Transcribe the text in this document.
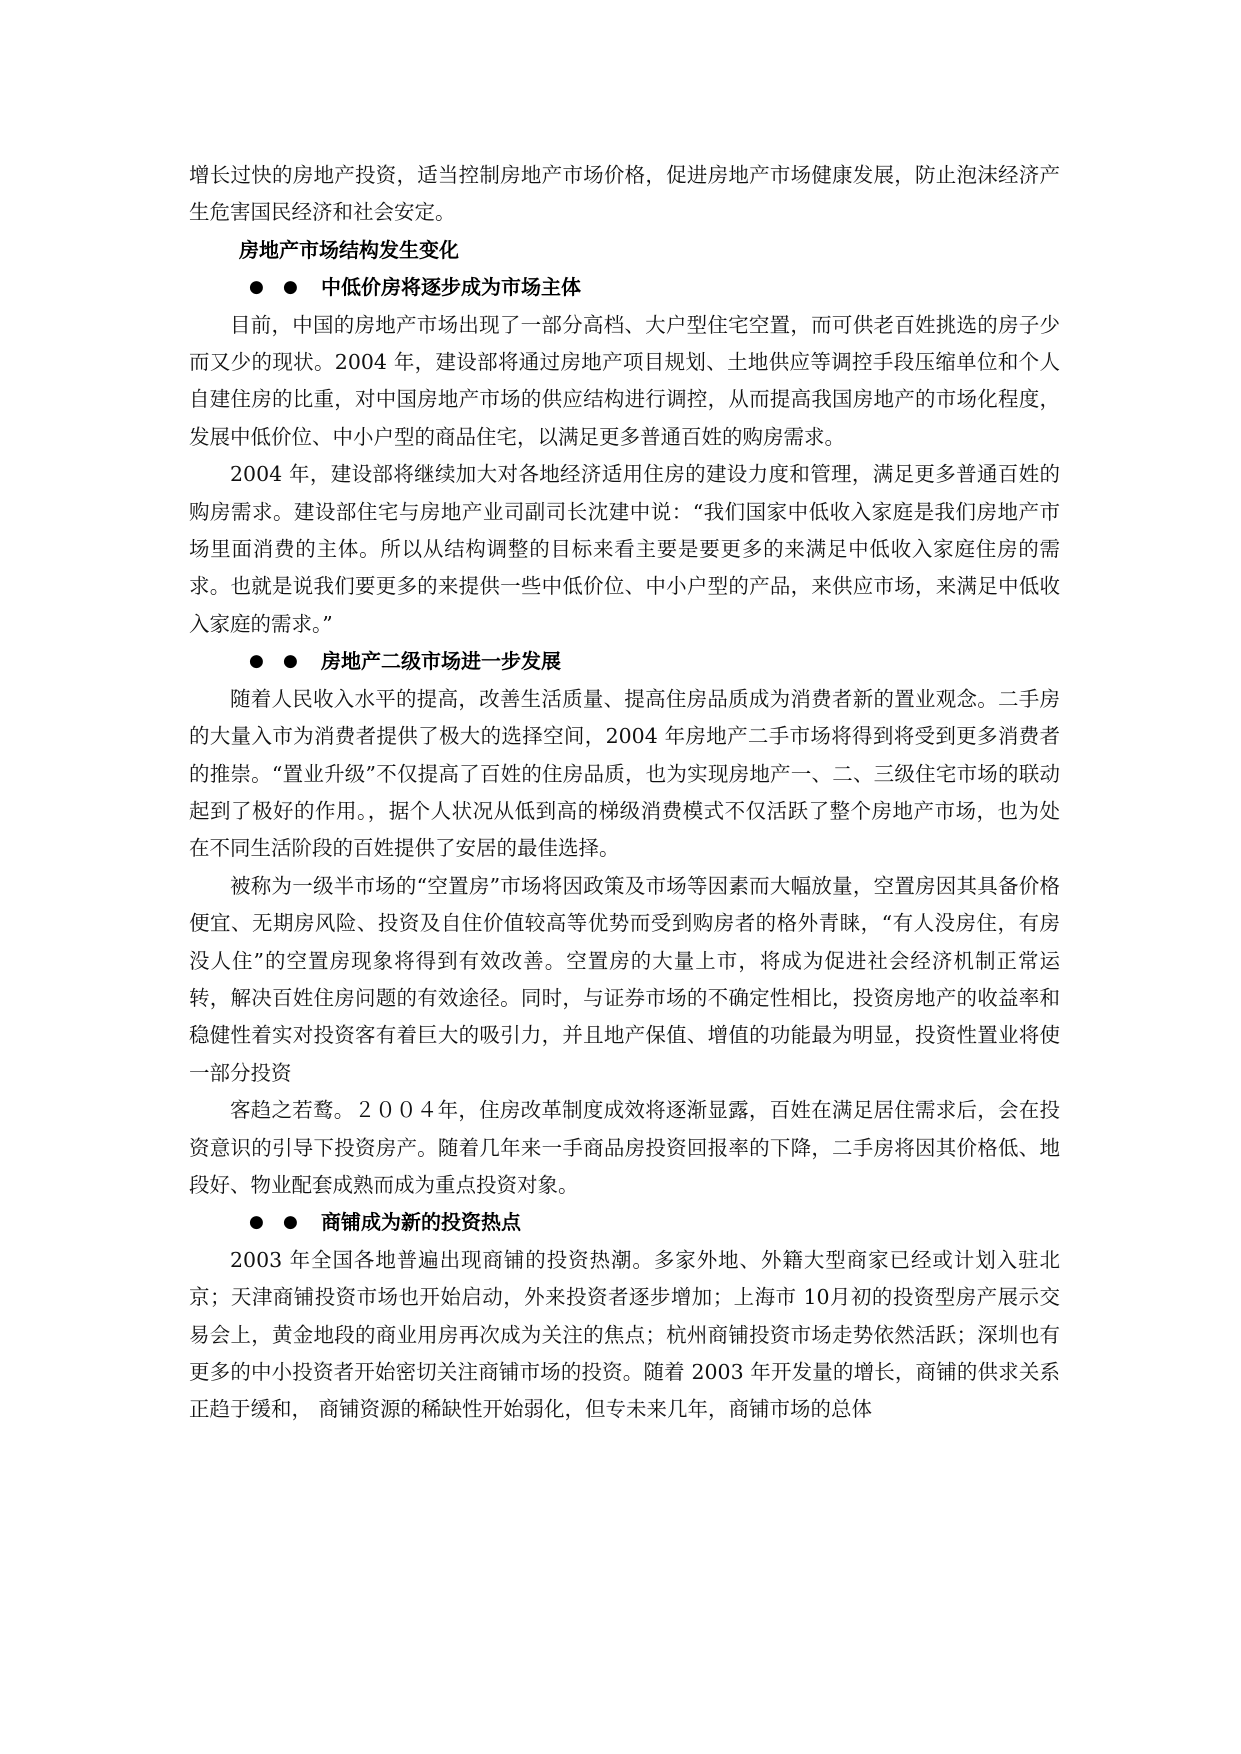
增长过快的房地产投资，适当控制房地产市场价格，促进房地产市场健康发展，防止泡沫经济产生危害国民经济和社会安定。

房地产市场结构发生变化

● ●	中低价房将逐步成为市场主体

目前，中国的房地产市场出现了一部分高档、大户型住宅空置，而可供老百姓挑选的房子少而又少的现状。2004 年，建设部将通过房地产项目规划、土地供应等调控手段压缩单位和个人自建住房的比重，对中国房地产市场的供应结构进行调控，从而提高我国房地产的市场化程度，发展中低价位、中小户型的商品住宅，以满足更多普通百姓的购房需求。

2004 年，建设部将继续加大对各地经济适用住房的建设力度和管理，满足更多普通百姓的购房需求。建设部住宅与房地产业司副司长沈建中说：“我们国家中低收入家庭是我们房地产市场里面消费的主体。所以从结构调整的目标来看主要是要更多的来满足中低收入家庭住房的需求。也就是说我们要更多的来提供一些中低价位、中小户型的产品，来供应市场，来满足中低收入家庭的需求。”

● ●	房地产二级市场进一步发展

随着人民收入水平的提高，改善生活质量、提高住房品质成为消费者新的置业观念。二手房的大量入市为消费者提供了极大的选择空间，2004 年房地产二手市场将得到将受到更多消费者的推崇。“置业升级”不仅提高了百姓的住房品质，也为实现房地产一、二、三级住宅市场的联动起到了极好的作用。，据个人状况从低到高的梯级消费模式不仅活跃了整个房地产市场，也为处在不同生活阶段的百姓提供了安居的最佳选择。

被称为一级半市场的“空置房”市场将因政策及市场等因素而大幅放量，空置房因其具备价格便宜、无期房风险、投资及自住价值较高等优势而受到购房者的格外青睐，“有人没房住，有房没人住”的空置房现象将得到有效改善。空置房的大量上市，将成为促进社会经济机制正常运转，解决百姓住房问题的有效途径。同时，与证券市场的不确定性相比，投资房地产的收益率和稳健性着实对投资客有着巨大的吸引力，并且地产保值、增值的功能最为明显，投资性置业将使一部分投资

客趋之若鹜。２００４年，住房改革制度成效将逐渐显露，百姓在满足居住需求后，会在投资意识的引导下投资房产。随着几年来一手商品房投资回报率的下降，二手房将因其价格低、地段好、物业配套成熟而成为重点投资对象。

● ●	商铺成为新的投资热点

2003 年全国各地普遍出现商铺的投资热潮。多家外地、外籍大型商家已经或计划入驻北京；天津商铺投资市场也开始启动，外来投资者逐步增加；上海市 10月初的投资型房产展示交易会上，黄金地段的商业用房再次成为关注的焦点；杭州商铺投资市场走势依然活跃；深圳也有更多的中小投资者开始密切关注商铺市场的投资。随着 2003 年开发量的增长，商铺的供求关系正趋于缓和， 商铺资源的稀缺性开始弱化，但专未来几年，商铺市场的总体
